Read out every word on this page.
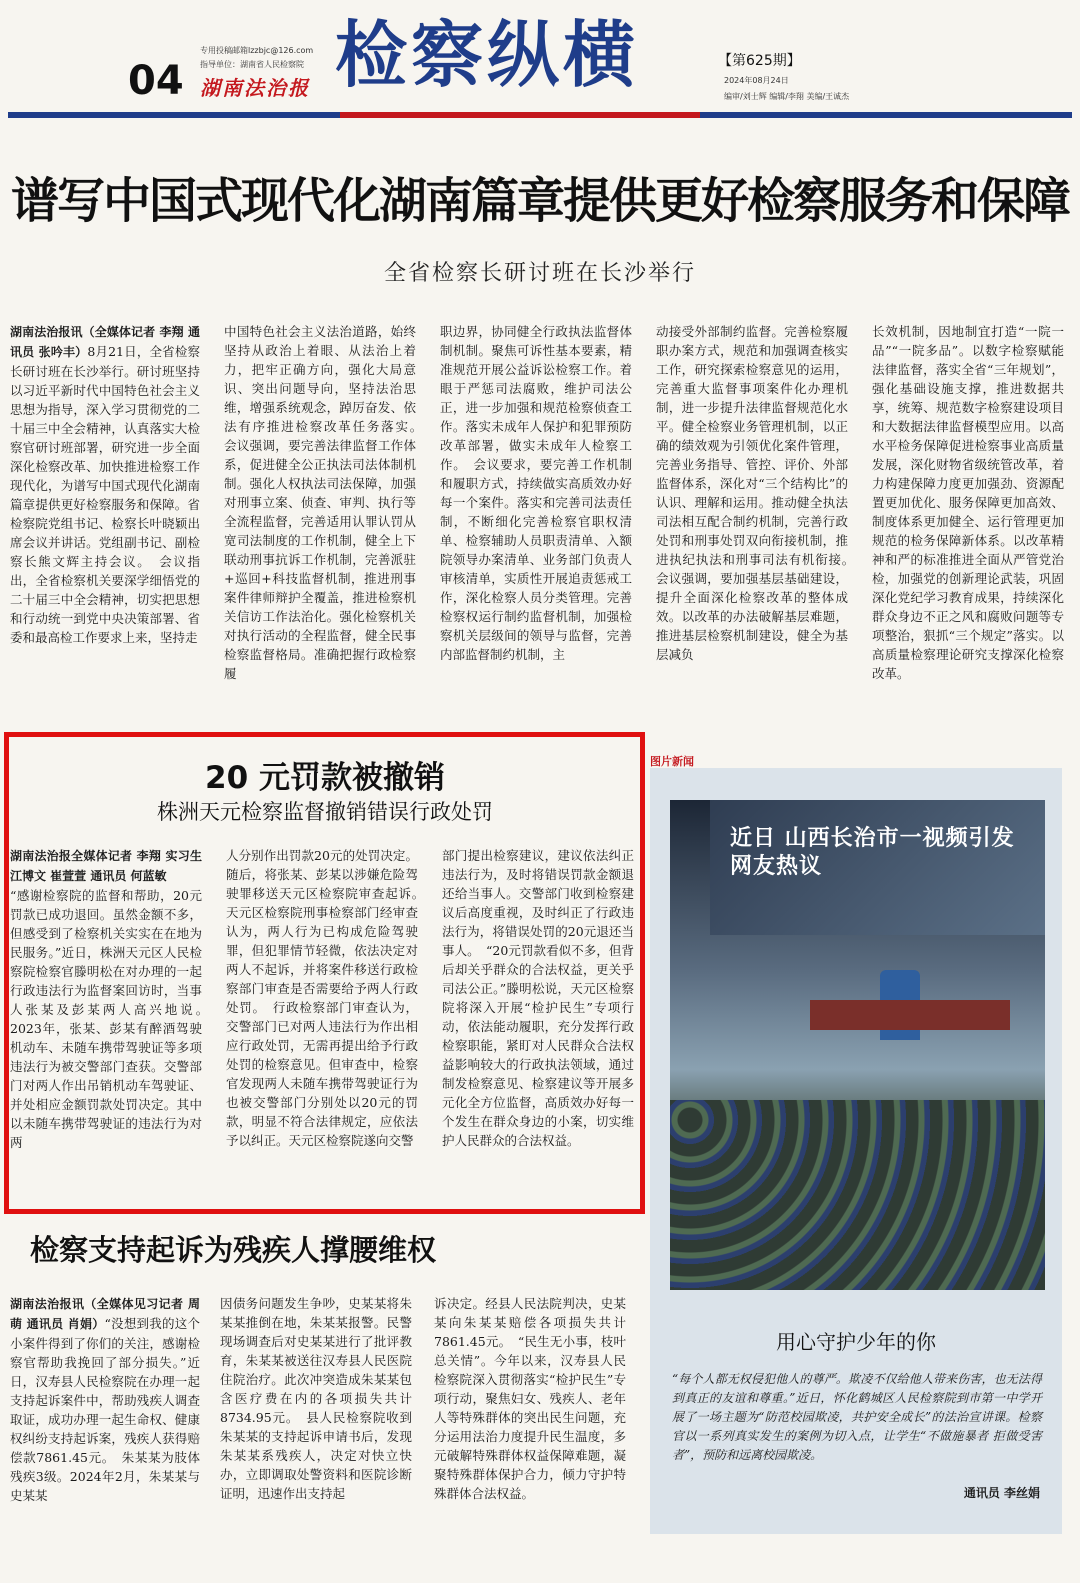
04
专用投稿邮箱lzzbjc@126.com
指导单位：湖南省人民检察院
湖南法治报 检察纵横	【第625期】
2024年08月24日
编审/刘士辉 编辑/李翔 美编/王诚杰
谱写中国式现代化湖南篇章提供更好检察服务和保障
全省检察长研讨班在长沙举行

湖南法治报讯（全媒体记者 李翔 通讯员 张吟丰）8月21日，全省检察长研讨班在长沙举行。研讨班坚持以习近平新时代中国特色社会主义思想为指导，深入学习贯彻党的二十届三中全会精神，认真落实大检察官研讨班部署，研究进一步全面深化检察改革、加快推进检察工作现代化，为谱写中国式现代化湖南篇章提供更好检察服务和保障。省检察院党组书记、检察长叶晓颖出席会议并讲话。党组副书记、副检察长熊文辉主持会议。　会议指出，全省检察机关要深学细悟党的二十届三中全会精神，切实把思想和行动统一到党中央决策部署、省委和最高检工作要求上来，坚持走

中国特色社会主义法治道路，始终坚持从政治上着眼、从法治上着力，把牢正确方向，强化大局意识、突出问题导向，坚持法治思维，增强系统观念，踔厉奋发、依法有序推进检察改革任务落实。　会议强调，要完善法律监督工作体系，促进健全公正执法司法体制机制。强化人权执法司法保障，加强对刑事立案、侦查、审判、执行等全流程监督，完善适用认罪认罚从宽司法制度的工作机制，健全上下联动刑事抗诉工作机制，完善派驻+巡回+科技监督机制，推进刑事案件律师辩护全覆盖，推进检察机关信访工作法治化。强化检察机关对执行活动的全程监督，健全民事检察监督格局。准确把握行政检察履

职边界，协同健全行政执法监督体制机制。聚焦可诉性基本要素，精准规范开展公益诉讼检察工作。着眼于严惩司法腐败，维护司法公正，进一步加强和规范检察侦查工作。落实未成年人保护和犯罪预防改革部署，做实未成年人检察工作。　会议要求，要完善工作机制和履职方式，持续做实高质效办好每一个案件。落实和完善司法责任制，不断细化完善检察官职权清单、检察辅助人员职责清单、入额院领导办案清单、业务部门负责人审核清单，实质性开展追责惩戒工作，深化检察人员分类管理。完善检察权运行制约监督机制，加强检察机关层级间的领导与监督，完善内部监督制约机制，主

动接受外部制约监督。完善检察履职办案方式，规范和加强调查核实工作，研究探索检察意见的运用，完善重大监督事项案件化办理机制，进一步提升法律监督规范化水平。健全检察业务管理机制，以正确的绩效观为引领优化案件管理，完善业务指导、管控、评价、外部监督体系，深化对“三个结构比”的认识、理解和运用。推动健全执法司法相互配合制约机制，完善行政处罚和刑事处罚双向衔接机制，推进执纪执法和刑事司法有机衔接。　会议强调，要加强基层基础建设，提升全面深化检察改革的整体成效。以改革的办法破解基层难题，推进基层检察机制建设，健全为基层减负

长效机制，因地制宜打造“一院一品”“一院多品”。以数字检察赋能法律监督，落实全省“三年规划”，强化基础设施支撑，推进数据共享，统筹、规范数字检察建设项目和大数据法律监督模型应用。以高水平检务保障促进检察事业高质量发展，深化财物省级统管改革，着力构建保障力度更加强劲、资源配置更加优化、服务保障更加高效、制度体系更加健全、运行管理更加规范的检务保障新体系。以改革精神和严的标准推进全面从严管党治检，加强党的创新理论武装，巩固深化党纪学习教育成果，持续深化群众身边不正之风和腐败问题等专项整治，狠抓“三个规定”落实。以高质量检察理论研究支撑深化检察改革。

20 元罚款被撤销
株洲天元检察监督撤销错误行政处罚

湖南法治报全媒体记者 李翔 实习生 江博文 崔萱萱 通讯员 何蓝敏
“感谢检察院的监督和帮助，20元罚款已成功退回。虽然金额不多，但感受到了检察机关实实在在地为民服务。”近日，株洲天元区人民检察院检察官滕明松在对办理的一起行政违法行为监督案回访时，当事人张某及彭某两人高兴地说。　2023年，张某、彭某有醉酒驾驶机动车、未随车携带驾驶证等多项违法行为被交警部门查获。交警部门对两人作出吊销机动车驾驶证、并处相应金额罚款处罚决定。其中以未随车携带驾驶证的违法行为对两

人分别作出罚款20元的处罚决定。随后，将张某、彭某以涉嫌危险驾驶罪移送天元区检察院审查起诉。　天元区检察院刑事检察部门经审查认为，两人行为已构成危险驾驶罪，但犯罪情节轻微，依法决定对两人不起诉，并将案件移送行政检察部门审查是否需要给予两人行政处罚。　行政检察部门审查认为，交警部门已对两人违法行为作出相应行政处罚，无需再提出给予行政处罚的检察意见。但审查中，检察官发现两人未随车携带驾驶证行为也被交警部门分别处以20元的罚款，明显不符合法律规定，应依法予以纠正。天元区检察院遂向交警

部门提出检察建议，建议依法纠正违法行为，及时将错误罚款金额退还给当事人。交警部门收到检察建议后高度重视，及时纠正了行政违法行为，将错误处罚的20元退还当事人。　“20元罚款看似不多，但背后却关乎群众的合法权益，更关乎司法公正。”滕明松说，天元区检察院将深入开展“检护民生”专项行动，依法能动履职，充分发挥行政检察职能，紧盯对人民群众合法权益影响较大的行政执法领域，通过制发检察意见、检察建议等开展多元化全方位监督，高质效办好每一个发生在群众身边的小案，切实维护人民群众的合法权益。

图片新闻
近日 山西长治市一视频引发网友热议
用心守护少年的你
“每个人都无权侵犯他人的尊严。欺凌不仅给他人带来伤害，也无法得到真正的友谊和尊重。”近日，怀化鹤城区人民检察院到市第一中学开展了一场主题为“防范校园欺凌，共护安全成长”的法治宣讲课。检察官以一系列真实发生的案例为切入点，让学生“不做施暴者 拒做受害者”，预防和远离校园欺凌。
通讯员 李丝娟
检察支持起诉为残疾人撑腰维权

湖南法治报讯（全媒体见习记者 周萌 通讯员 肖娟）“没想到我的这个小案件得到了你们的关注，感谢检察官帮助我挽回了部分损失。”近日，汉寿县人民检察院在办理一起支持起诉案件中，帮助残疾人调查取证，成功办理一起生命权、健康权纠纷支持起诉案，残疾人获得赔偿款7861.45元。　朱某某为肢体残疾3级。2024年2月，朱某某与史某某

因债务问题发生争吵，史某某将朱某某推倒在地，朱某某报警。民警现场调查后对史某某进行了批评教育，朱某某被送往汉寿县人民医院住院治疗。此次冲突造成朱某某包含医疗费在内的各项损失共计8734.95元。　县人民检察院收到朱某某的支持起诉申请书后，发现朱某某系残疾人，决定对快立快办，立即调取处警资料和医院诊断证明，迅速作出支持起

诉决定。经县人民法院判决，史某某向朱某某赔偿各项损失共计7861.45元。　“民生无小事，枝叶总关情”。今年以来，汉寿县人民检察院深入贯彻落实“检护民生”专项行动，聚焦妇女、残疾人、老年人等特殊群体的突出民生问题，充分运用法治力度提升民生温度，多元破解特殊群体权益保障难题，凝聚特殊群体保护合力，倾力守护特殊群体合法权益。
